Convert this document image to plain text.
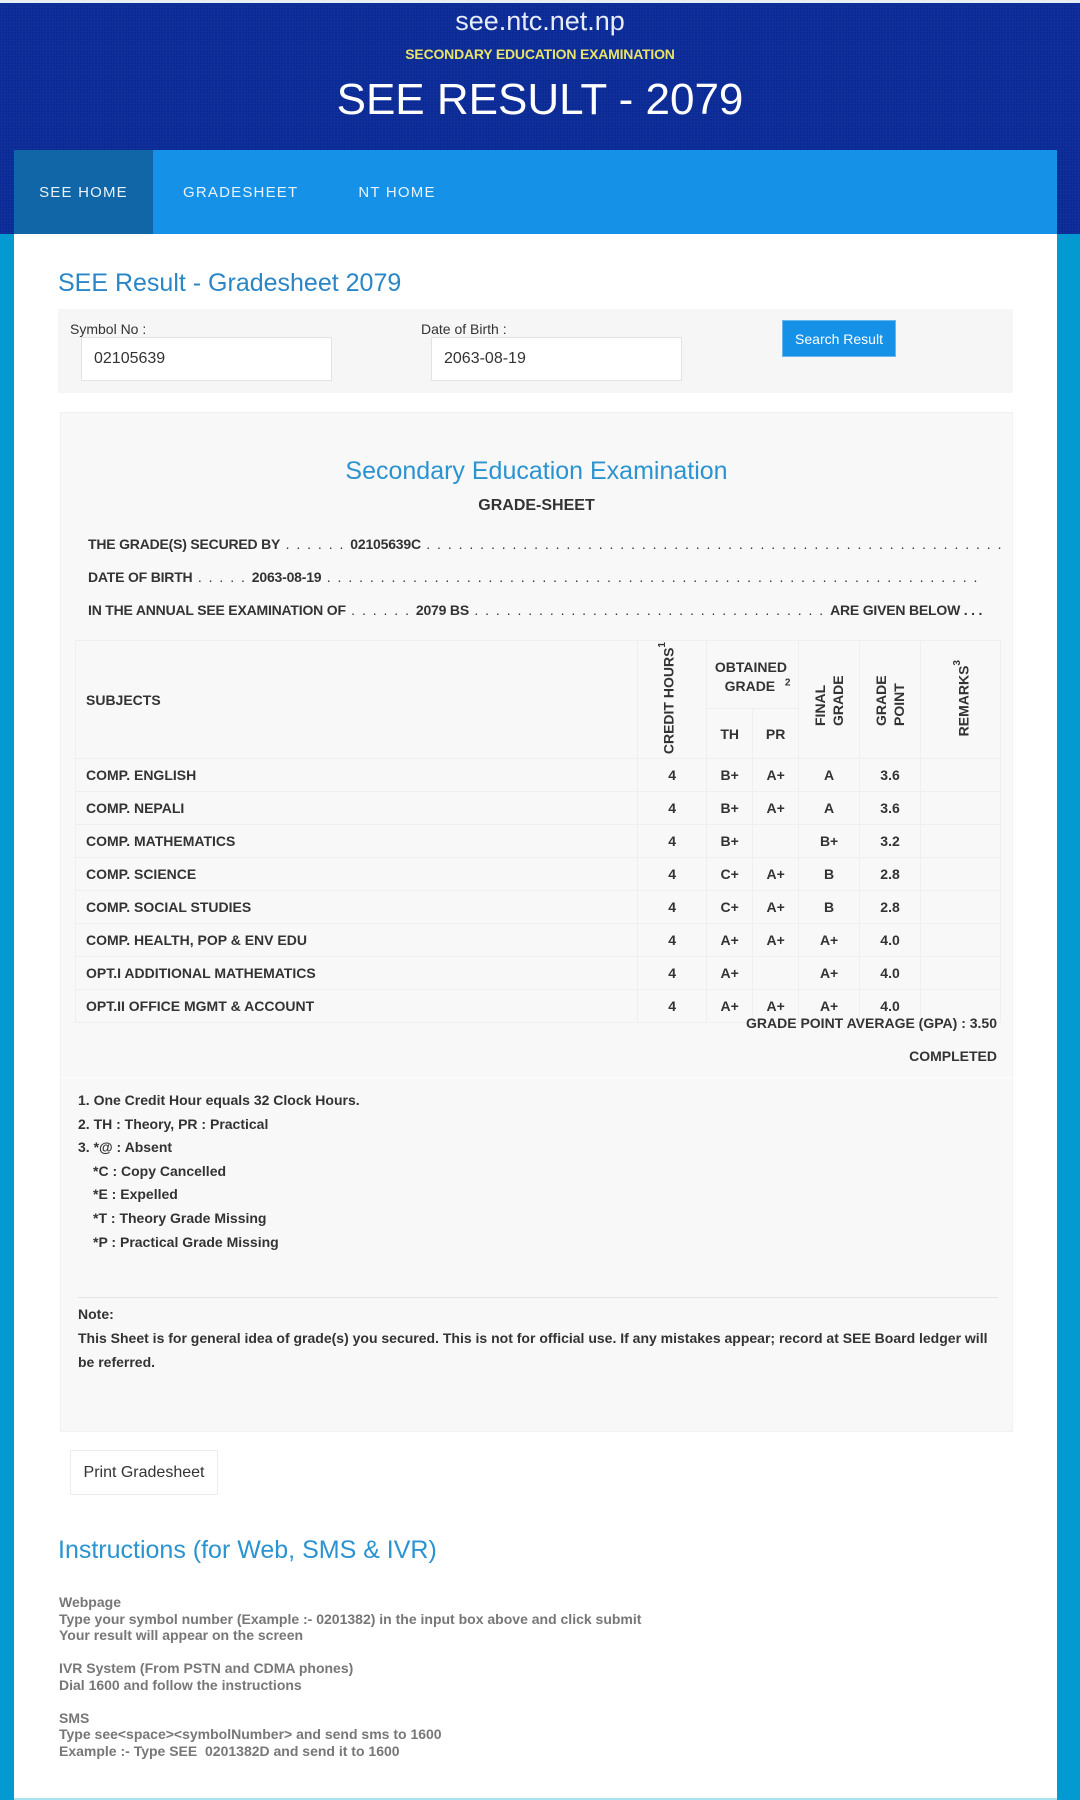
see.ntc.net.np
SECONDARY EDUCATION EXAMINATION
SEE RESULT - 2079
SEE HOME	GRADESHEET	NT HOME
SEE Result - Gradesheet 2079
Symbol No :
02105639	Date of Birth :
2063-08-19
Search Result
Secondary Education Examination
GRADE-SHEET
THE GRADE(S) SECURED BY . . . . . . 02105639C . . . . . . . . . . . . . . . . . . . . . . . . . . . . . . . . . . . . . . . . . . . . . . . . . . . . . .
DATE OF BIRTH . . . . . 2063-08-19 . . . . . . . . . . . . . . . . . . . . . . . . . . . . . . . . . . . . . . . . . . . . . . . . . . . . . . . . . . . . .
IN THE ANNUAL SEE EXAMINATION OF . . . . . . 2079 BS . . . . . . . . . . . . . . . . . . . . . . . . . . . . . . . . . ARE GIVEN BELOW . . .
SUBJECTS	CREDIT HOURS$^1$	OBTAINED GRADE $^2$		FINAL GRADE	GRADE POINT	REMARKS$^3$
		TH	PR			
COMP. ENGLISH	4	B+	A+	A	3.6	
COMP. NEPALI	4	B+	A+	A	3.6	
COMP. MATHEMATICS	4	B+		B+	3.2	
COMP. SCIENCE	4	C+	A+	B	2.8	
COMP. SOCIAL STUDIES	4	C+	A+	B	2.8	
COMP. HEALTH, POP & ENV EDU	4	A+	A+	A+	4.0	
OPT.I ADDITIONAL MATHEMATICS	4	A+		A+	4.0	
OPT.II OFFICE MGMT & ACCOUNT	4	A+	A+	A+	4.0	
GRADE POINT AVERAGE (GPA) : 3.50
COMPLETED
1. One Credit Hour equals 32 Clock Hours.
2. TH : Theory, PR : Practical
3. *@ : Absent
*C : Copy Cancelled
*E : Expelled
*T : Theory Grade Missing
*P : Practical Grade Missing
Note:
This Sheet is for general idea of grade(s) you secured. This is not for official use. If any mistakes appear; record at SEE Board ledger will be referred.
Print Gradesheet
Instructions (for Web, SMS & IVR)
Webpage
Type your symbol number (Example :- 0201382) in the input box above and click submit
Your result will appear on the screen
IVR System (From PSTN and CDMA phones)
Dial 1600 and follow the instructions
SMS
Type see<space><symbolNumber> and send sms to 1600
Example :- Type SEE  0201382D and send it to 1600
